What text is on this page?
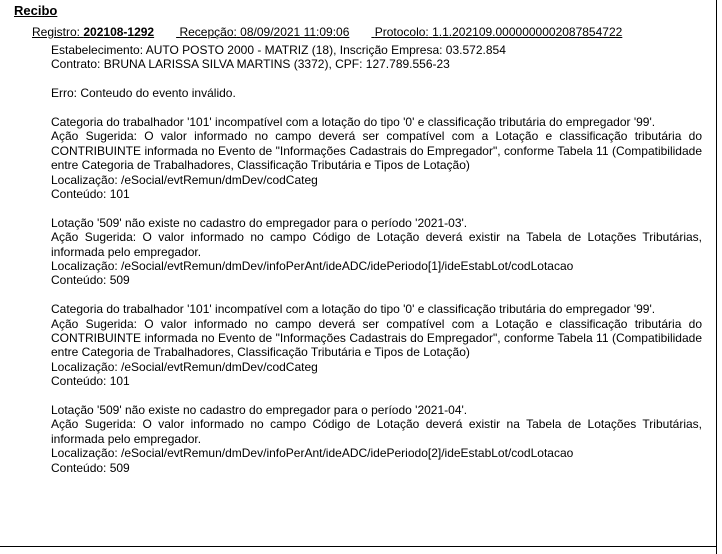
Recibo
Registro: 202108-1292 Recepção: 08/09/2021 11:09:06 Protocolo: 1.1.202109.0000000002087854722
Estabelecimento: AUTO POSTO 2000 - MATRIZ (18), Inscrição Empresa: 03.572.854
Contrato: BRUNA LARISSA SILVA MARTINS (3372), CPF: 127.789.556-23
Erro: Conteudo do evento inválido.
Categoria do trabalhador '101' incompatível com a lotação do tipo '0' e classificação tributária do empregador '99'.
Ação Sugerida: O valor informado no campo deverá ser compatível com a Lotação e classificação tributária do CONTRIBUINTE informada no Evento de "Informações Cadastrais do Empregador", conforme Tabela 11 (Compatibilidade entre Categoria de Trabalhadores, Classificação Tributária e Tipos de Lotação)
Localização: /eSocial/evtRemun/dmDev/codCateg
Conteúdo: 101
Lotação '509' não existe no cadastro do empregador para o período '2021-03'.
Ação Sugerida: O valor informado no campo Código de Lotação deverá existir na Tabela de Lotações Tributárias, informada pelo empregador.
Localização: /eSocial/evtRemun/dmDev/infoPerAnt/ideADC/idePeriodo[1]/ideEstabLot/codLotacao
Conteúdo: 509
Categoria do trabalhador '101' incompatível com a lotação do tipo '0' e classificação tributária do empregador '99'.
Ação Sugerida: O valor informado no campo deverá ser compatível com a Lotação e classificação tributária do CONTRIBUINTE informada no Evento de "Informações Cadastrais do Empregador", conforme Tabela 11 (Compatibilidade entre Categoria de Trabalhadores, Classificação Tributária e Tipos de Lotação)
Localização: /eSocial/evtRemun/dmDev/codCateg
Conteúdo: 101
Lotação '509' não existe no cadastro do empregador para o período '2021-04'.
Ação Sugerida: O valor informado no campo Código de Lotação deverá existir na Tabela de Lotações Tributárias, informada pelo empregador.
Localização: /eSocial/evtRemun/dmDev/infoPerAnt/ideADC/idePeriodo[2]/ideEstabLot/codLotacao
Conteúdo: 509
